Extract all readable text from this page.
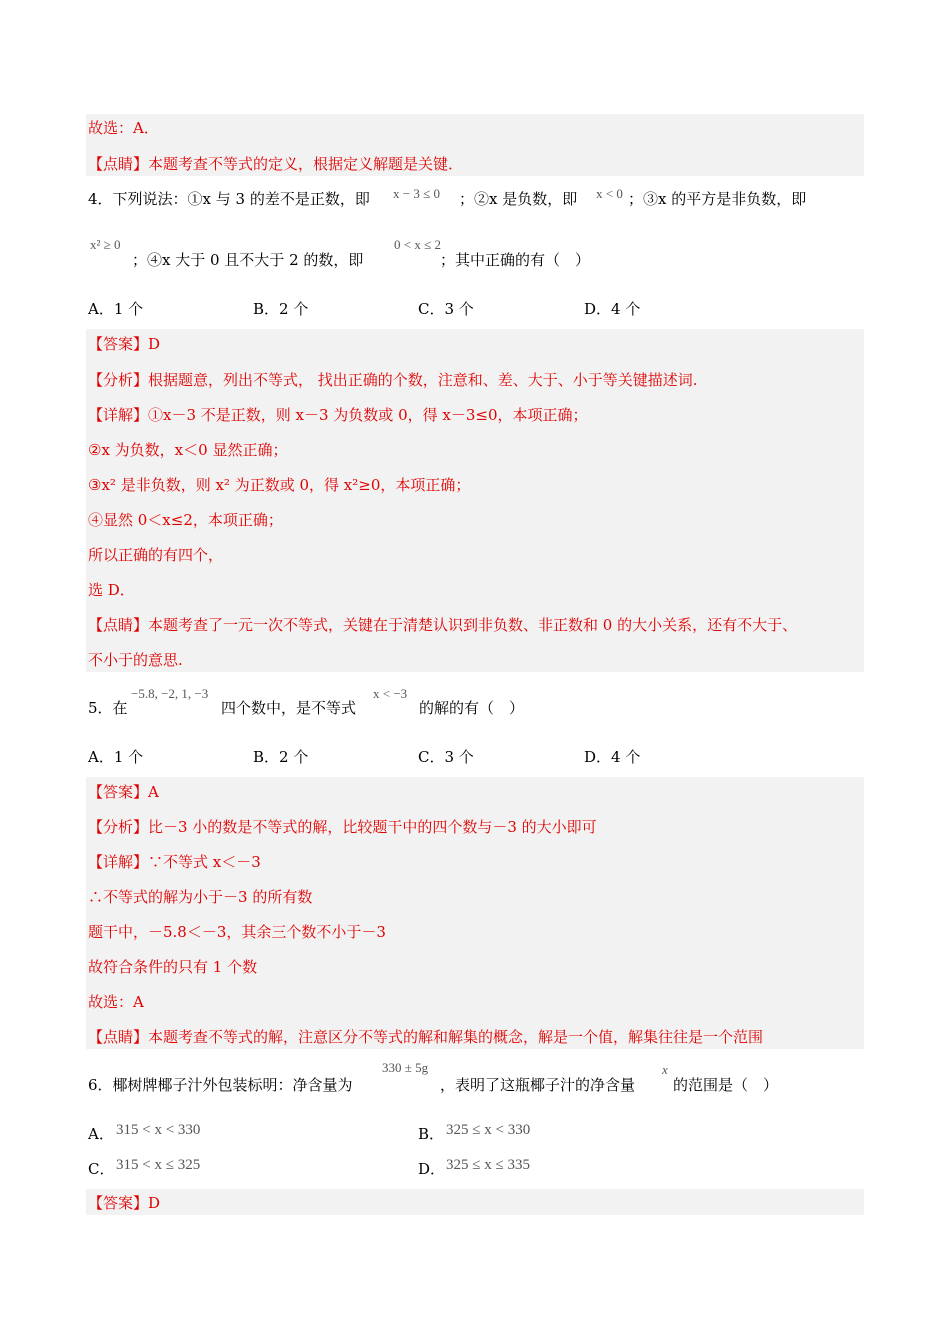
故选：A．
【点睛】本题考查不等式的定义，根据定义解题是关键．
4．下列说法：①x 与 3 的差不是正数，即 x − 3 ≤ 0 ；②x 是负数，即 x < 0 ；③x 的平方是非负数，即
x² ≥ 0
；④x 大于 0 且不大于 2 的数，即
0 < x ≤ 2
；其中正确的有（　）
A．1 个	B．2 个	C．3 个	D．4 个
【答案】D
【分析】根据题意，列出不等式， 找出正确的个数，注意和、差、大于、小于等关键描述词.
【详解】①x－3 不是正数，则 x－3 为负数或 0，得 x－3≤0，本项正确；
②x 为负数，x＜0 显然正确；
③x² 是非负数，则 x² 为正数或 0，得 x²≥0，本项正确；
④显然 0＜x≤2，本项正确；
所以正确的有四个，
选 D．
【点睛】本题考查了一元一次不等式，关键在于清楚认识到非负数、非正数和 0 的大小关系，还有不大于、
不小于的意思.
5．在
−5.8, −2, 1, −3
四个数中，是不等式
x < −3
的解的有（　）
A．1 个	B．2 个	C．3 个	D．4 个
【答案】A
【分析】比－3 小的数是不等式的解，比较题干中的四个数与－3 的大小即可
【详解】∵不等式 x＜－3
∴不等式的解为小于－3 的所有数
题干中，－5.8＜－3，其余三个数不小于－3
故符合条件的只有 1 个数
故选：A
【点睛】本题考查不等式的解，注意区分不等式的解和解集的概念，解是一个值，解集往往是一个范围
6．椰树牌椰子汁外包装标明：净含量为
330 ± 5g
，表明了这瓶椰子汁的净含量
x
的范围是（　）
A． 315 < x < 330	B． 325 ≤ x < 330
C． 315 < x ≤ 325	D． 325 ≤ x ≤ 335
【答案】D
